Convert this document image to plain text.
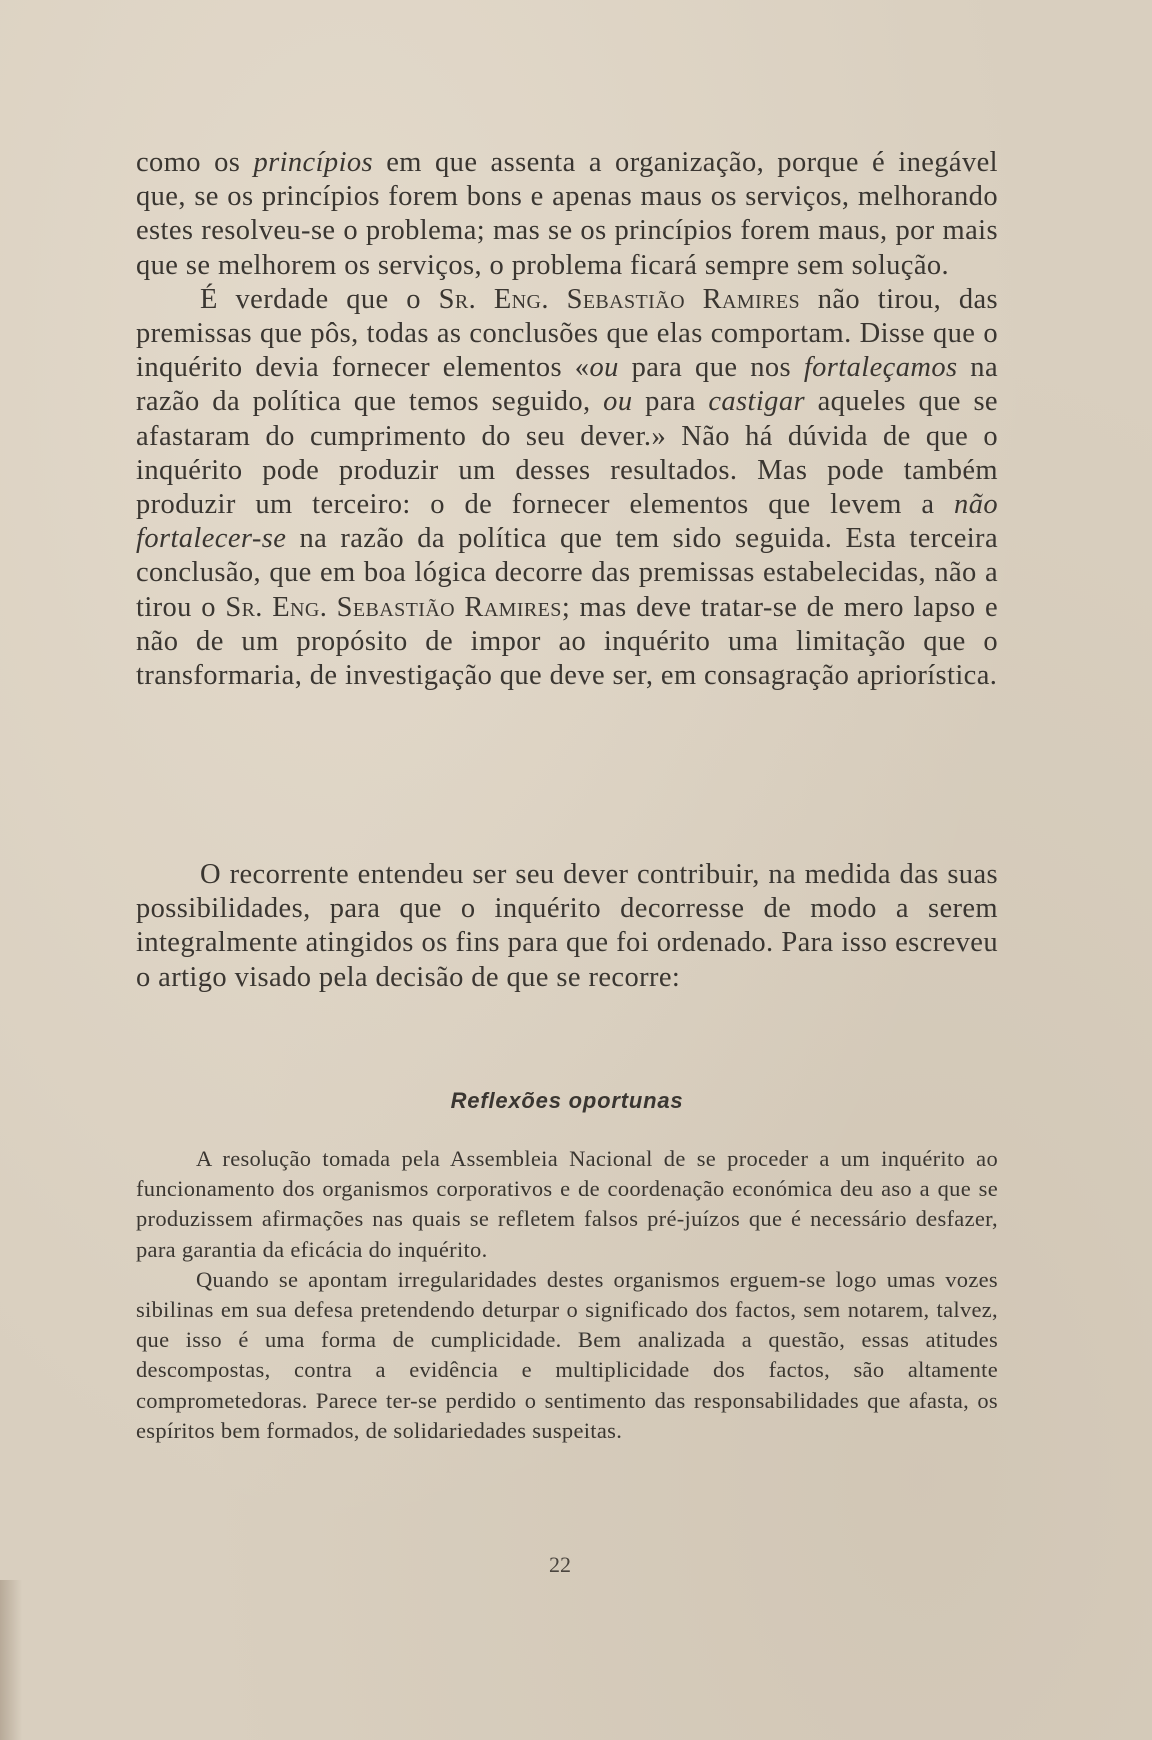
como os princípios em que assenta a organização, porque é inegável que, se os princípios forem bons e apenas maus os serviços, melhorando estes resolveu-se o problema; mas se os princípios forem maus, por mais que se melhorem os serviços, o problema ficará sempre sem solução.

É verdade que o Sr. Eng. Sebastião Ramires não tirou, das premissas que pôs, todas as conclusões que elas comportam. Disse que o inquérito devia fornecer elementos «ou para que nos fortaleçamos na razão da política que temos seguido, ou para castigar aqueles que se afastaram do cumprimento do seu dever.» Não há dúvida de que o inquérito pode produzir um desses resultados. Mas pode também produzir um terceiro: o de fornecer elementos que levem a não fortalecer-se na razão da política que tem sido seguida. Esta terceira conclusão, que em boa lógica decorre das premissas estabelecidas, não a tirou o Sr. Eng. Sebastião Ramires; mas deve tratar-se de mero lapso e não de um propósito de impor ao inquérito uma limitação que o transformaria, de investigação que deve ser, em consagração apriorística.

O recorrente entendeu ser seu dever contribuir, na medida das suas possibilidades, para que o inquérito decorresse de modo a serem integralmente atingidos os fins para que foi ordenado. Para isso escreveu o artigo visado pela decisão de que se recorre:

Reflexões oportunas

A resolução tomada pela Assembleia Nacional de se proceder a um inquérito ao funcionamento dos organismos corporativos e de coordenação económica deu aso a que se produzissem afirmações nas quais se refletem falsos pré-juízos que é necessário desfazer, para garantia da eficácia do inquérito.

Quando se apontam irregularidades destes organismos erguem-se logo umas vozes sibilinas em sua defesa pretendendo deturpar o significado dos factos, sem notarem, talvez, que isso é uma forma de cumplicidade. Bem analizada a questão, essas atitudes descompostas, contra a evidência e multiplicidade dos factos, são altamente comprometedoras. Parece ter-se perdido o sentimento das responsabilidades que afasta, os espíritos bem formados, de solidariedades suspeitas.

22
